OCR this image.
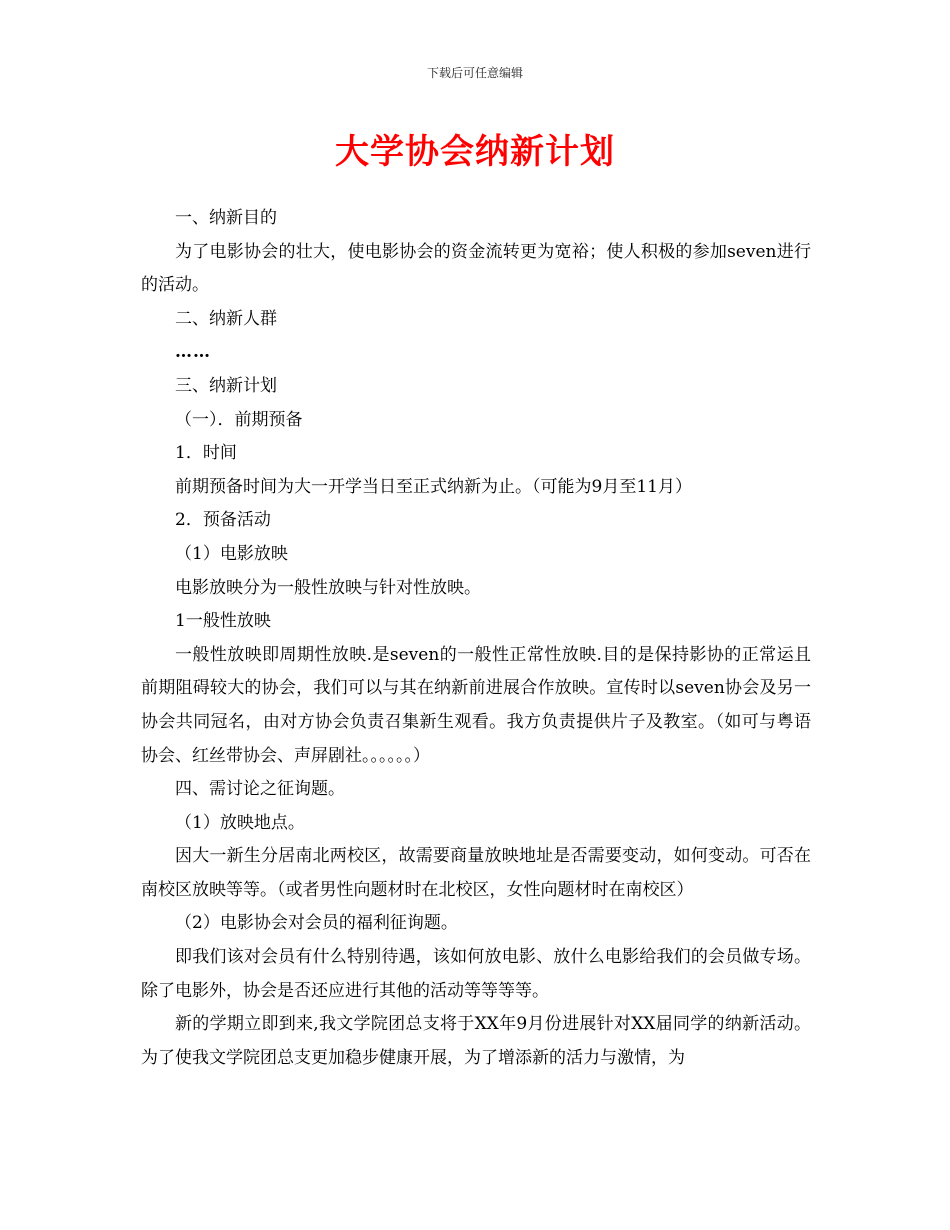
下载后可任意编辑
大学协会纳新计划

一、纳新目的

为了电影协会的壮大，使电影协会的资金流转更为宽裕；使人积极的参加seven进行的活动。

二、纳新人群

……

三、纳新计划

（一）．前期预备

1．时间

前期预备时间为大一开学当日至正式纳新为止。（可能为9月至11月）

2．预备活动

（1）电影放映

电影放映分为一般性放映与针对性放映。

1一般性放映

一般性放映即周期性放映.是seven的一般性正常性放映.目的是保持影协的正常运且前期阻碍较大的协会，我们可以与其在纳新前进展合作放映。宣传时以seven协会及另一协会共同冠名，由对方协会负责召集新生观看。我方负责提供片子及教室。（如可与粤语协会、红丝带协会、声屏剧社。。。。。。）

四、需讨论之征询题。

（1）放映地点。

因大一新生分居南北两校区，故需要商量放映地址是否需要变动，如何变动。可否在南校区放映等等。（或者男性向题材时在北校区，女性向题材时在南校区）

（2）电影协会对会员的福利征询题。

即我们该对会员有什么特别待遇，该如何放电影、放什么电影给我们的会员做专场。除了电影外，协会是否还应进行其他的活动等等等等。

新的学期立即到来,我文学院团总支将于XX年9月份进展针对XX届同学的纳新活动。为了使我文学院团总支更加稳步健康开展，为了增添新的活力与激情，为
